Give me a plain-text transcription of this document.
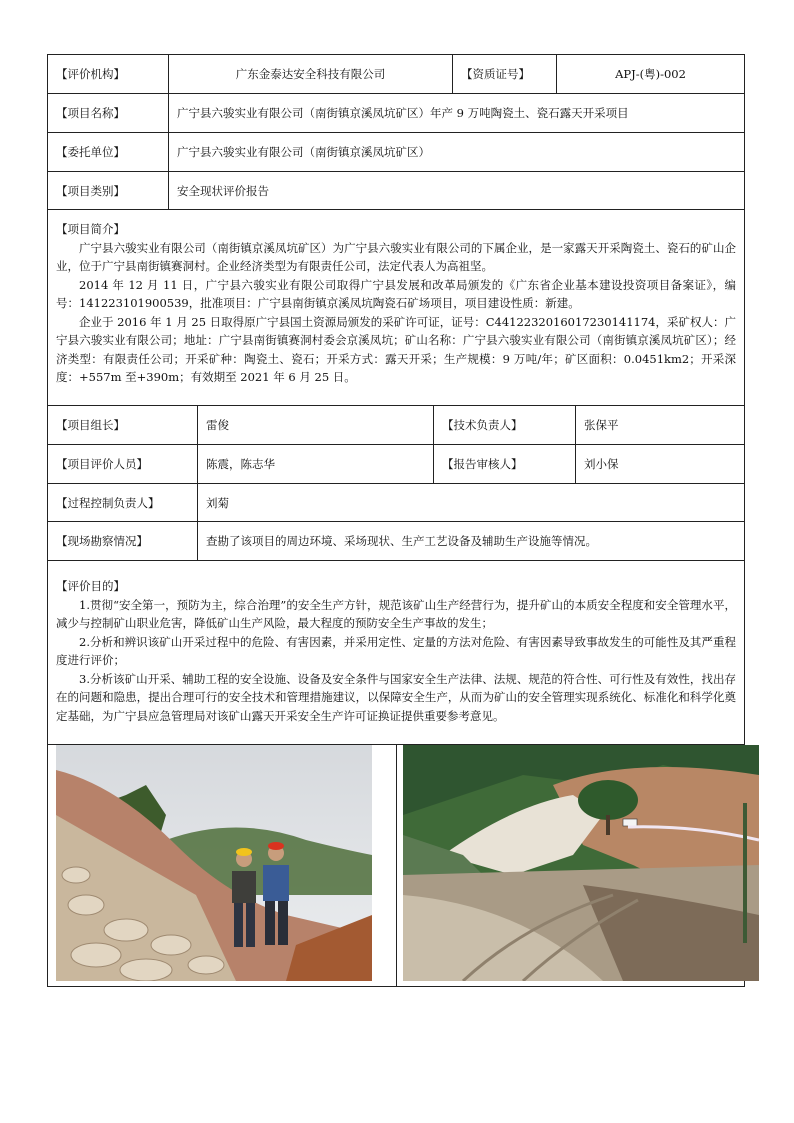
【评价机构】	广东金泰达安全科技有限公司	【资质证号】	APJ-(粤)-002
【项目名称】	广宁县六骏实业有限公司（南街镇京溪凤坑矿区）年产 9 万吨陶瓷土、瓷石露天开采项目
【委托单位】	广宁县六骏实业有限公司（南街镇京溪凤坑矿区）
【项目类别】	安全现状评价报告

【项目简介】

广宁县六骏实业有限公司（南街镇京溪凤坑矿区）为广宁县六骏实业有限公司的下属企业，是一家露天开采陶瓷土、瓷石的矿山企业，位于广宁县南街镇赛洞村。企业经济类型为有限责任公司，法定代表人为高祖坚。

2014 年 12 月 11 日，广宁县六骏实业有限公司取得广宁县发展和改革局颁发的《广东省企业基本建设投资项目备案证》，编号：141223101900539，批准项目：广宁县南街镇京溪凤坑陶瓷石矿场项目，项目建设性质：新建。

企业于 2016 年 1 月 25 日取得原广宁县国土资源局颁发的采矿许可证，证号：C4412232016017230141174，采矿权人：广宁县六骏实业有限公司；地址：广宁县南街镇赛洞村委会京溪凤坑；矿山名称：广宁县六骏实业有限公司（南街镇京溪凤坑矿区）；经济类型：有限责任公司；开采矿种：陶瓷土、瓷石；开采方式：露天开采；生产规模：9 万吨/年；矿区面积：0.0451km2；开采深度：+557m 至+390m；有效期至 2021 年 6 月 25 日。

【项目组长】	雷俊	【技术负责人】	张保平
【项目评价人员】	陈震，陈志华	【报告审核人】	刘小保
【过程控制负责人】	刘菊
【现场勘察情况】	查勘了该项目的周边环境、采场现状、生产工艺设备及辅助生产设施等情况。

【评价目的】

1.贯彻“安全第一，预防为主，综合治理”的安全生产方针，规范该矿山生产经营行为，提升矿山的本质安全程度和安全管理水平，减少与控制矿山职业危害，降低矿山生产风险，最大程度的预防安全生产事故的发生；

2.分析和辨识该矿山开采过程中的危险、有害因素，并采用定性、定量的方法对危险、有害因素导致事故发生的可能性及其严重程度进行评价；

3.分析该矿山开采、辅助工程的安全设施、设备及安全条件与国家安全生产法律、法规、规范的符合性、可行性及有效性，找出存在的问题和隐患，提出合理可行的安全技术和管理措施建议，以保障安全生产，从而为矿山的安全管理实现系统化、标准化和科学化奠定基础，为广宁县应急管理局对该矿山露天开采安全生产许可证换证提供重要参考意见。
